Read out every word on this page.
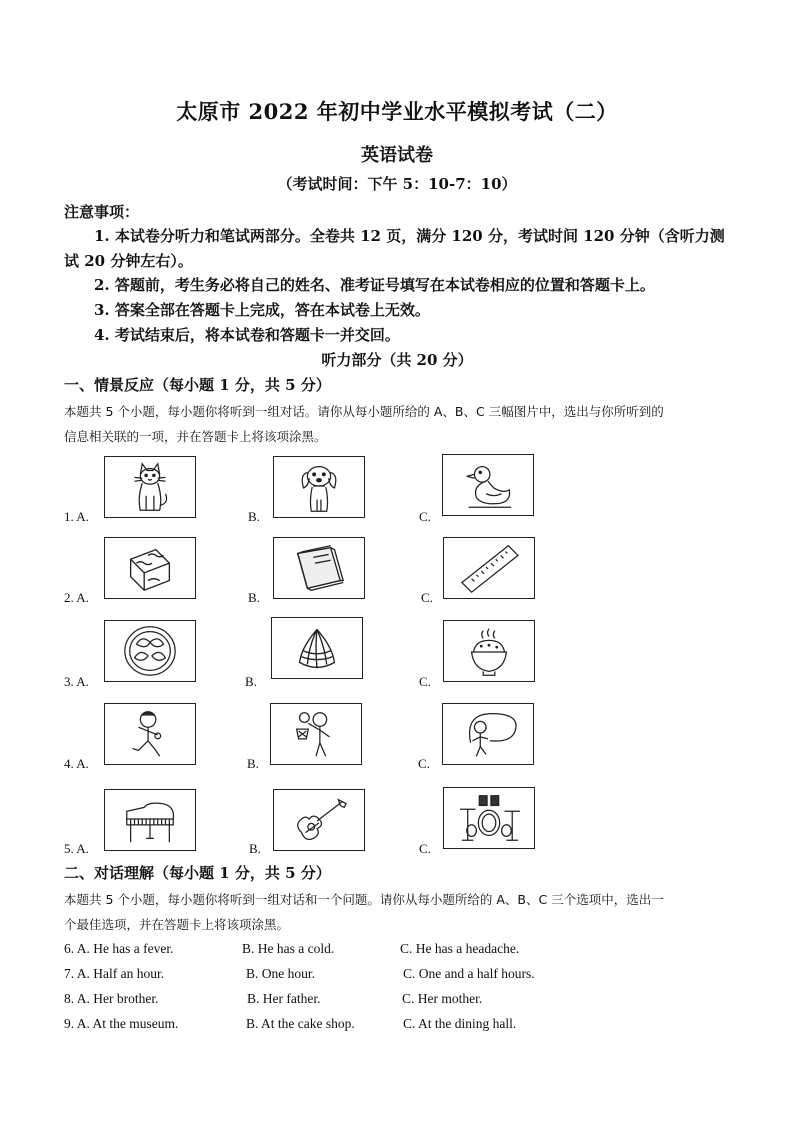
太原市 2022 年初中学业水平模拟考试（二）
英语试卷
（考试时间：下午 5：10-7：10）
注意事项：
1. 本试卷分听力和笔试两部分。全卷共 12 页，满分 120 分，考试时间 120 分钟（含听力测
试 20 分钟左右）。
2. 答题前，考生务必将自己的姓名、准考证号填写在本试卷相应的位置和答题卡上。
3. 答案全部在答题卡上完成，答在本试卷上无效。
4. 考试结束后，将本试卷和答题卡一并交回。
听力部分（共 20 分）
一、情景反应（每小题 1 分，共 5 分）
本题共 5 个小题，每小题你将听到一组对话。请你从每小题所给的 A、B、C 三幅图片中，选出与你所听到的
信息相关联的一项，并在答题卡上将该项涂黑。
1. A.	B.	C.
2. A.	B.	C.
3. A.	B.	C.
4. A.	B.	C.
5. A.	B.	C.
二、对话理解（每小题 1 分，共 5 分）
本题共 5 个小题，每小题你将听到一组对话和一个问题。请你从每小题所给的 A、B、C 三个选项中，选出一
个最佳选项，并在答题卡上将该项涂黑。
6. A. He has a fever.	B. He has a cold.	C. He has a headache.
7. A. Half an hour.	B. One hour.	C. One and a half hours.
8. A. Her brother.	B. Her father.	C. Her mother.
9. A. At the museum.	B. At the cake shop.	C. At the dining hall.
